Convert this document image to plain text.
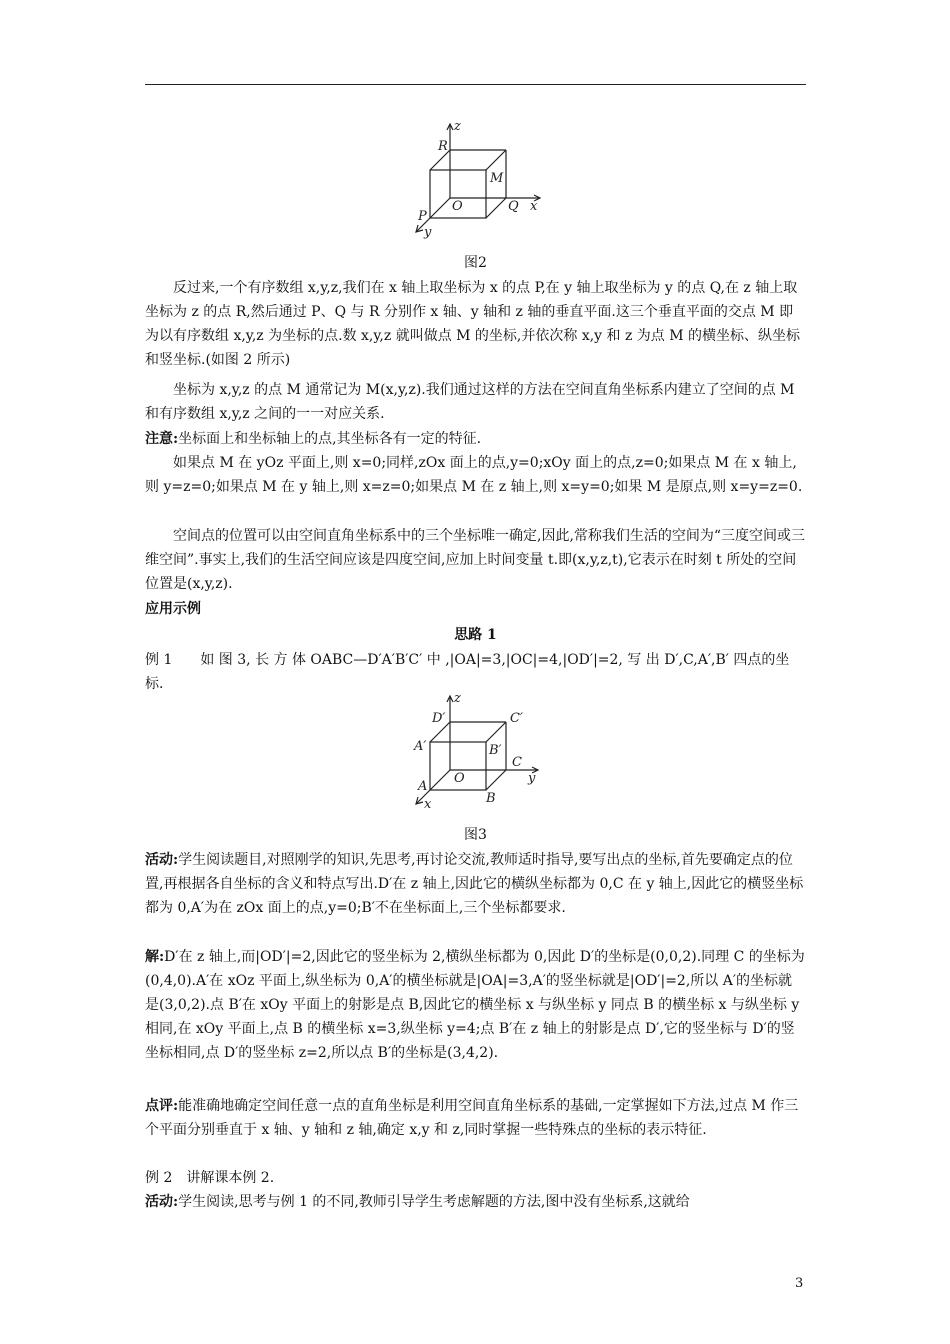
z
R
M
O
P
Q x
y
图2
反过来,一个有序数组 x,y,z,我们在 x 轴上取坐标为 x 的点 P,在 y 轴上取坐标为 y 的点 Q,在 z 轴上取坐标为 z 的点 R,然后通过 P、Q 与 R 分别作 x 轴、y 轴和 z 轴的垂直平面.这三个垂直平面的交点 M 即为以有序数组 x,y,z 为坐标的点.数 x,y,z 就叫做点 M 的坐标,并依次称 x,y 和 z 为点 M 的横坐标、纵坐标和竖坐标.(如图 2 所示)
坐标为 x,y,z 的点 M 通常记为 M(x,y,z).我们通过这样的方法在空间直角坐标系内建立了空间的点 M 和有序数组 x,y,z 之间的一一对应关系.
注意:坐标面上和坐标轴上的点,其坐标各有一定的特征.
如果点 M 在 yOz 平面上,则 x=0;同样,zOx 面上的点,y=0;xOy 面上的点,z=0;如果点 M 在 x 轴上,则 y=z=0;如果点 M 在 y 轴上,则 x=z=0;如果点 M 在 z 轴上,则 x=y=0;如果 M 是原点,则 x=y=z=0.
空间点的位置可以由空间直角坐标系中的三个坐标唯一确定,因此,常称我们生活的空间为“三度空间或三维空间”.事实上,我们的生活空间应该是四度空间,应加上时间变量 t.即(x,y,z,t),它表示在时刻 t 所处的空间位置是(x,y,z).
应用示例
思路 1
例 1　　如 图 3, 长 方 体 OABC—D′A′B′C′ 中 ,|OA|=3,|OC|=4,|OD′|=2, 写 出 D′,C,A′,B′ 四点的坐标.
z
D′	C′
A′	B′
O
C
y
A
B
x
图3
活动:学生阅读题目,对照刚学的知识,先思考,再讨论交流,教师适时指导,要写出点的坐标,首先要确定点的位置,再根据各自坐标的含义和特点写出.D′在 z 轴上,因此它的横纵坐标都为 0,C 在 y 轴上,因此它的横竖坐标都为 0,A′为在 zOx 面上的点,y=0;B′不在坐标面上,三个坐标都要求.
解:D′在 z 轴上,而|OD′|=2,因此它的竖坐标为 2,横纵坐标都为 0,因此 D′的坐标是(0,0,2).同理 C 的坐标为(0,4,0).A′在 xOz 平面上,纵坐标为 0,A′的横坐标就是|OA|=3,A′的竖坐标就是|OD′|=2,所以 A′的坐标就是(3,0,2).点 B′在 xOy 平面上的射影是点 B,因此它的横坐标 x 与纵坐标 y 同点 B 的横坐标 x 与纵坐标 y 相同,在 xOy 平面上,点 B 的横坐标 x=3,纵坐标 y=4;点 B′在 z 轴上的射影是点 D′,它的竖坐标与 D′的竖坐标相同,点 D′的竖坐标 z=2,所以点 B′的坐标是(3,4,2).
点评:能准确地确定空间任意一点的直角坐标是利用空间直角坐标系的基础,一定掌握如下方法,过点 M 作三个平面分别垂直于 x 轴、y 轴和 z 轴,确定 x,y 和 z,同时掌握一些特殊点的坐标的表示特征.
例 2　讲解课本例 2.
活动:学生阅读,思考与例 1 的不同,教师引导学生考虑解题的方法,图中没有坐标系,这就给
3
